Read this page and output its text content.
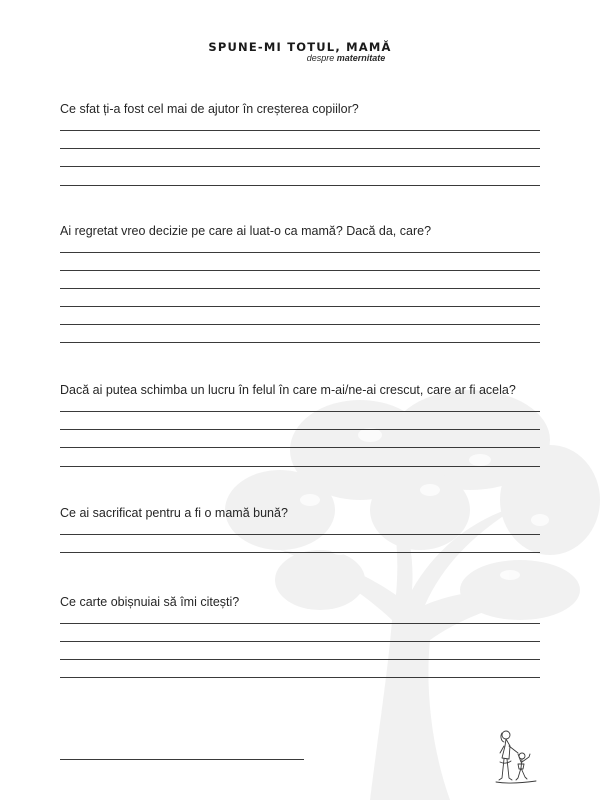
SPUNE-MI TOTUL, MAMĂ
despre maternitate
Ce sfat ți-a fost cel mai de ajutor în creșterea copiilor?
Ai regretat vreo decizie pe care ai luat-o ca mamă? Dacă da, care?
Dacă ai putea schimba un lucru în felul în care m-ai/ne-ai crescut, care ar fi acela?
Ce ai sacrificat pentru a fi o mamă bună?
Ce carte obișnuiai să îmi citești?
